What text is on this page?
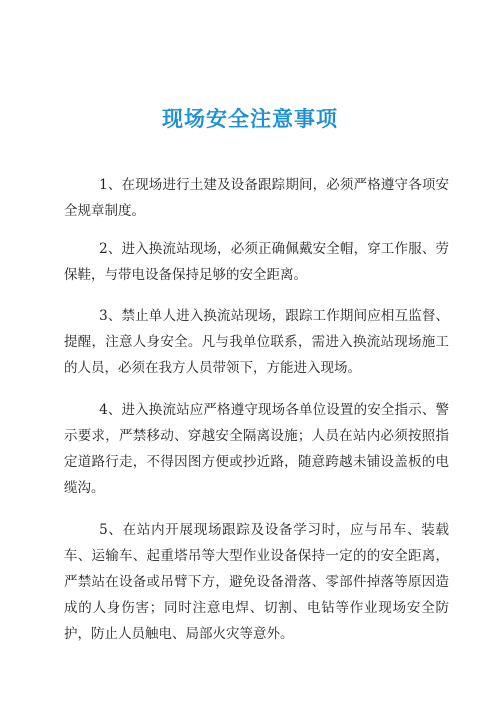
现场安全注意事项

1、在现场进行土建及设备跟踪期间，必须严格遵守各项安全规章制度。

2、进入换流站现场，必须正确佩戴安全帽，穿工作服、劳保鞋，与带电设备保持足够的安全距离。

3、禁止单人进入换流站现场，跟踪工作期间应相互监督、提醒，注意人身安全。凡与我单位联系，需进入换流站现场施工的人员，必须在我方人员带领下，方能进入现场。

4、进入换流站应严格遵守现场各单位设置的安全指示、警示要求，严禁移动、穿越安全隔离设施；人员在站内必须按照指定道路行走，不得因图方便或抄近路，随意跨越未铺设盖板的电缆沟。

5、在站内开展现场跟踪及设备学习时，应与吊车、装载车、运输车、起重塔吊等大型作业设备保持一定的的安全距离，严禁站在设备或吊臂下方，避免设备滑落、零部件掉落等原因造成的人身伤害；同时注意电焊、切割、电钻等作业现场安全防护，防止人员触电、局部火灾等意外。
